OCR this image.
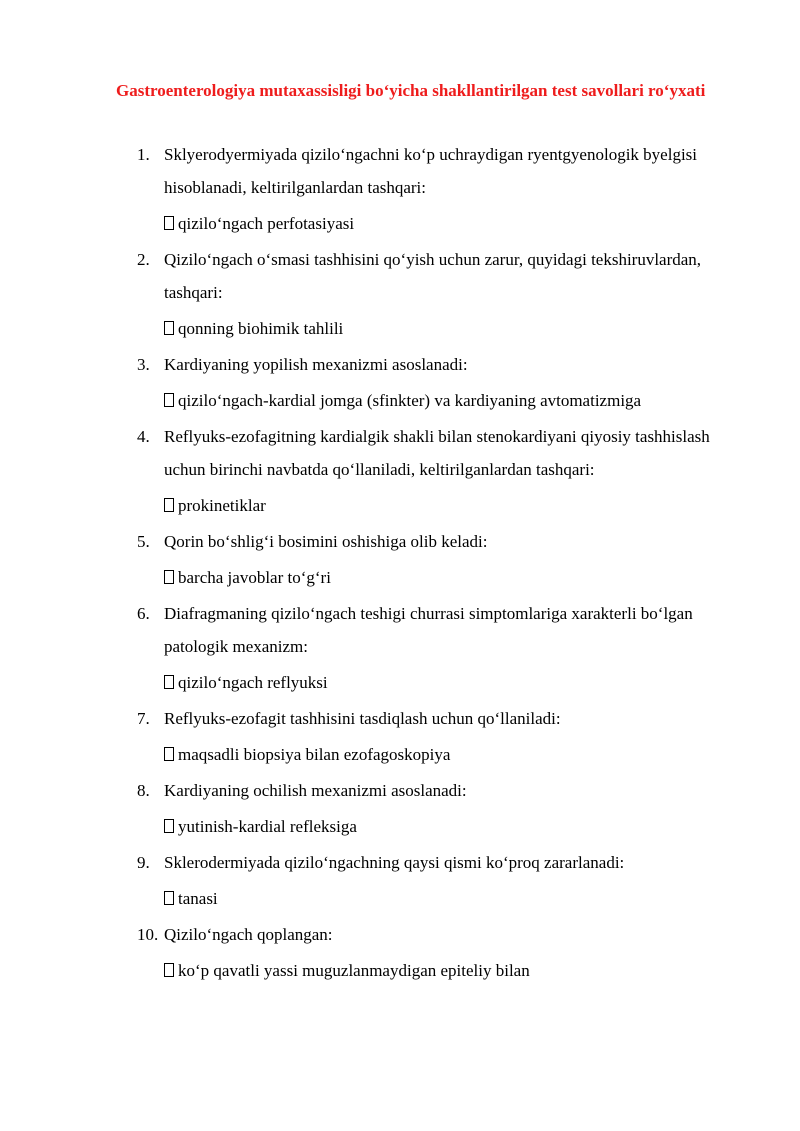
Gastroenterologiya mutaxassisligi bo‘yicha shakllantirilgan test savollari ro‘yxati
1. Sklyerodyermiyada qizilo‘ngachni ko‘p uchraydigan ryentgyenologik byelgisi hisoblanadi, keltirilganlardan tashqari:
qizilo‘ngach perfotasiyasi
2. Qizilo‘ngach o‘smasi tashhisini qo‘yish uchun zarur, quyidagi tekshiruvlardan, tashqari:
qonning biohimik tahlili
3. Kardiyaning yopilish mexanizmi asoslanadi:
qizilo‘ngach-kardial jomga (sfinkter) va kardiyaning avtomatizmiga
4. Reflyuks-ezofagitning kardialgik shakli bilan stenokardiyani qiyosiy tashhislash uchun birinchi navbatda qo‘llaniladi, keltirilganlardan tashqari:
prokinetiklar
5. Qorin bo‘shlig‘i bosimini oshishiga olib keladi:
barcha javoblar to‘g‘ri
6. Diafragmaning qizilo‘ngach teshigi churrasi simptomlariga xarakterli bo‘lgan patologik mexanizm:
qizilo‘ngach reflyuksi
7. Reflyuks-ezofagit tashhisini tasdiqlash uchun qo‘llaniladi:
maqsadli biopsiya bilan ezofagoskopiya
8. Kardiyaning ochilish mexanizmi asoslanadi:
yutinish-kardial refleksiga
9. Sklerodermiyada qizilo‘ngachning qaysi qismi ko‘proq zararlanadi:
tanasi
10. Qizilo‘ngach qoplangan:
ko‘p qavatli yassi muguzlanmaydigan epiteliy bilan
